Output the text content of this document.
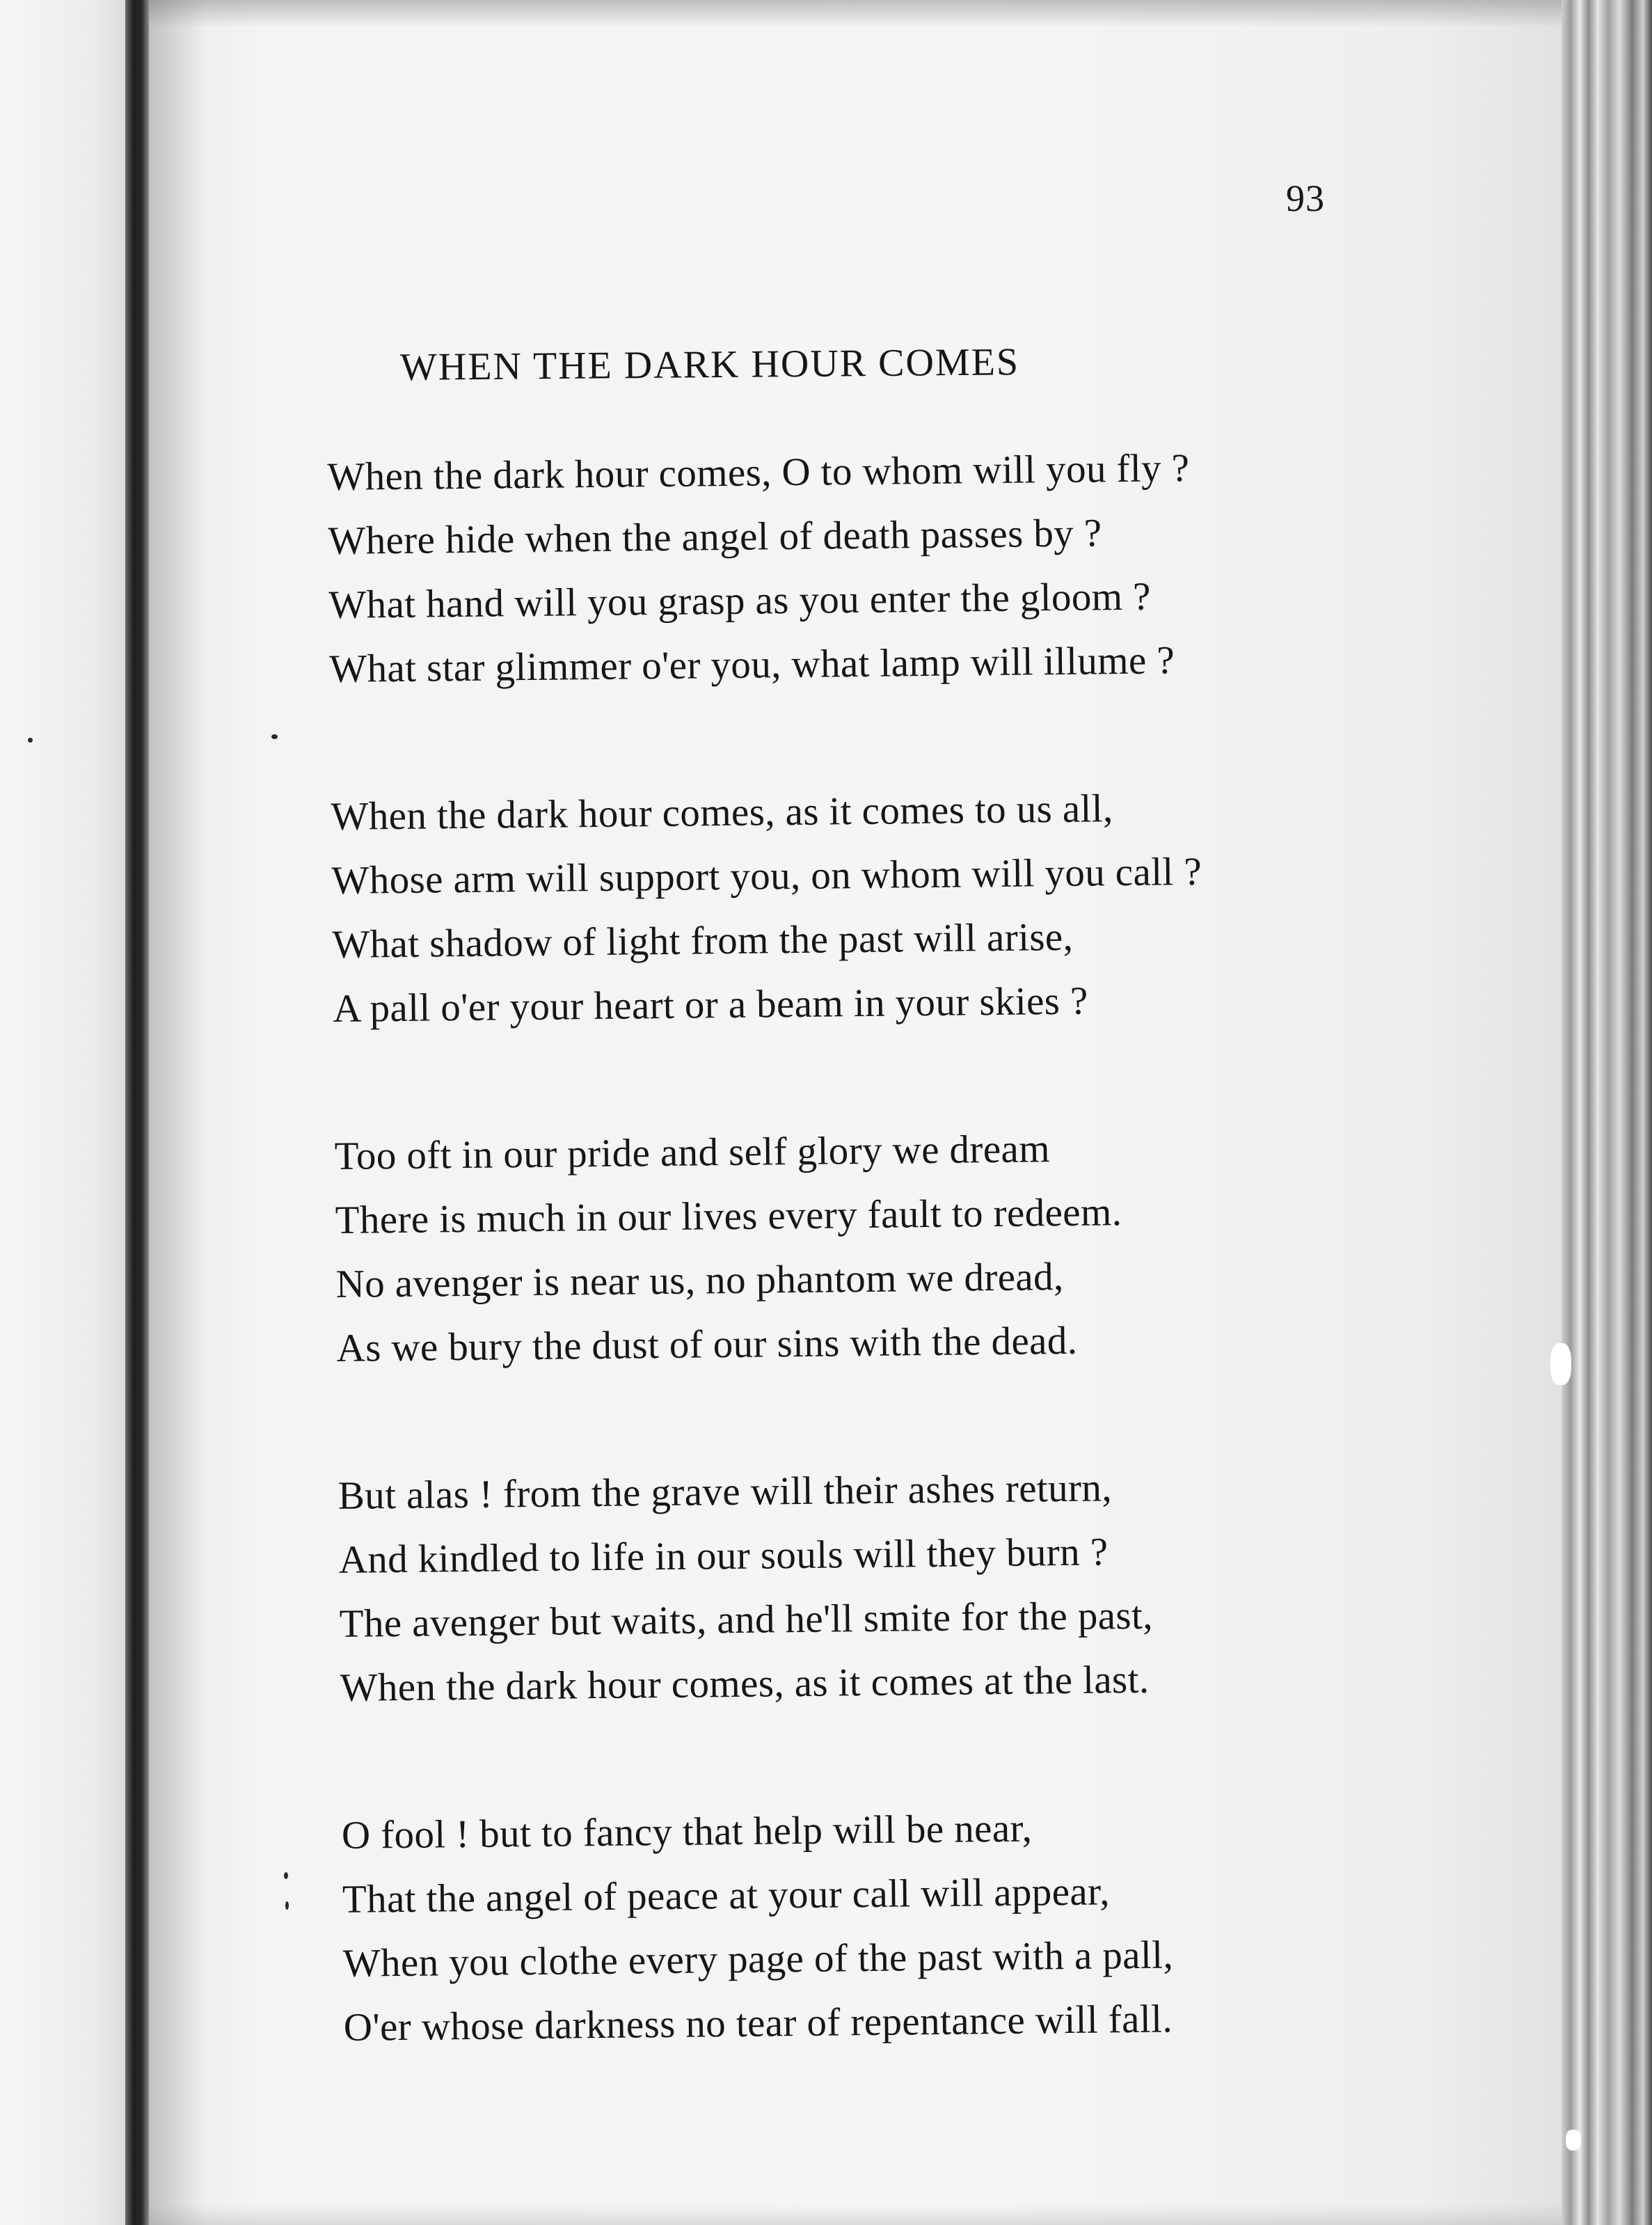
93
WHEN THE DARK HOUR COMES
When the dark hour comes, O to whom will you fly ?
Where hide when the angel of death passes by ?
What hand will you grasp as you enter the gloom ?
What star glimmer o'er you, what lamp will illume ?
When the dark hour comes, as it comes to us all,
Whose arm will support you, on whom will you call ?
What shadow of light from the past will arise,
A pall o'er your heart or a beam in your skies ?
Too oft in our pride and self glory we dream
There is much in our lives every fault to redeem.
No avenger is near us, no phantom we dread,
As we bury the dust of our sins with the dead.
But alas ! from the grave will their ashes return,
And kindled to life in our souls will they burn ?
The avenger but waits, and he'll smite for the past,
When the dark hour comes, as it comes at the last.
O fool ! but to fancy that help will be near,
That the angel of peace at your call will appear,
When you clothe every page of the past with a pall,
O'er whose darkness no tear of repentance will fall.
